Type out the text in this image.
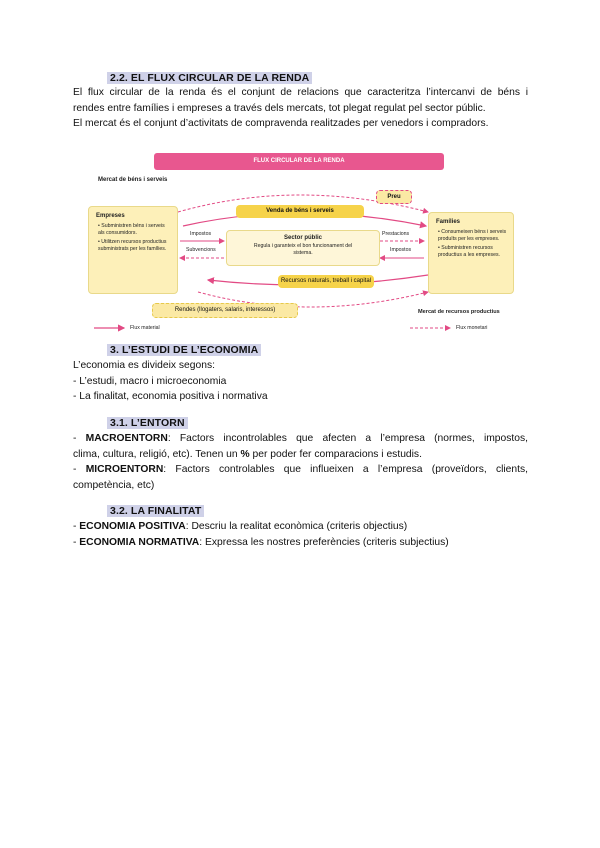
2.2. EL FLUX CIRCULAR DE LA RENDA
El flux circular de la renda és el conjunt de relacions que caracteritza l’intercanvi de béns i
rendes entre famílies i empreses a través dels mercats, tot plegat regulat pel sector públic.
El mercat és el conjunt d’activitats de compravenda realitzades per venedors i compradors.
FLUX CIRCULAR DE LA RENDA
Mercat de béns i serveis
Preu
Venda de béns i serveis
Empreses
• Subministren béns i serveis als consumidors.
• Utilitzen recursos productius subministrats per les famílies.
Famílies
• Consumeixen béns i serveis produïts per les empreses.
• Subministren recursos productius a les empreses.
Sector públic
Regula i garanteix el bon funcionament del sistema.
Impostos
Subvencions
Prestacions
Impostos
Recursos naturals, treball i capital
Rendes (llogaters, salaris, interessos)	Mercat de recursos productius
Flux material	Flux monetari
3. L’ESTUDI DE L’ECONOMIA
L’economia es divideix segons:
- L’estudi, macro i microeconomia
- La finalitat, economia positiva i normativa
3.1. L’ENTORN
- MACROENTORN: Factors incontrolables que afecten a l’empresa (normes, impostos,
clima, cultura, religió, etc). Tenen un % per poder fer comparacions i estudis.
- MICROENTORN: Factors controlables que influeixen a l’empresa (proveïdors, clients,
competència, etc)
3.2. LA FINALITAT
- ECONOMIA POSITIVA: Descriu la realitat econòmica (criteris objectius)
- ECONOMIA NORMATIVA: Expressa les nostres preferències (criteris subjectius)
